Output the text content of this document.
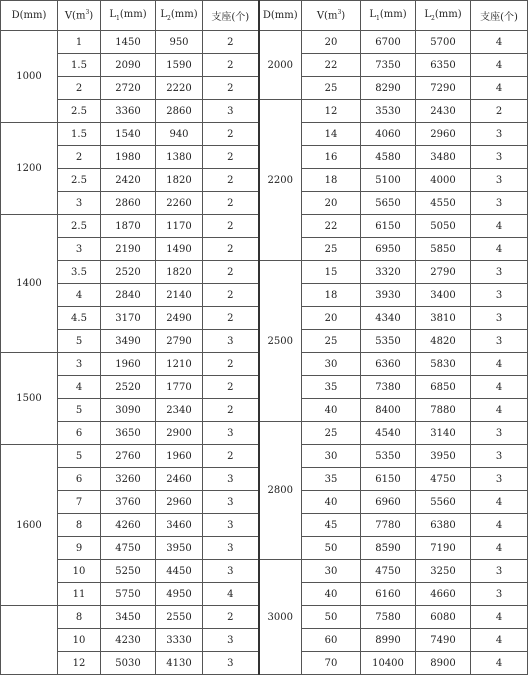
D(mm)	$V(m^3)$	$L_1(mm)$	$L_2(mm)$	支座(个)	D(mm)	$V(m^3)$	$L_1(mm)$	$L_2(mm)$	支座(个)
1000	1	1450	950	2	2000	20	6700	5700	4
	1.5	2090	1590	2		22	7350	6350	4
	2	2720	2220	2		25	8290	7290	4
	2.5	3360	2860	3	2200	12	3530	2430	2
1200	1.5	1540	940	2		14	4060	2960	3
	2	1980	1380	2		16	4580	3480	3
	2.5	2420	1820	2		18	5100	4000	3
	3	2860	2260	2		20	5650	4550	3
1400	2.5	1870	1170	2		22	6150	5050	4
	3	2190	1490	2		25	6950	5850	4
	3.5	2520	1820	2	2500	15	3320	2790	3
	4	2840	2140	2		18	3930	3400	3
	4.5	3170	2490	2		20	4340	3810	3
	5	3490	2790	3		25	5350	4820	3
1500	3	1960	1210	2		30	6360	5830	4
	4	2520	1770	2		35	7380	6850	4
	5	3090	2340	2		40	8400	7880	4
	6	3650	2900	3	2800	25	4540	3140	3
1600	5	2760	1960	2		30	5350	3950	3
	6	3260	2460	3		35	6150	4750	3
	7	3760	2960	3		40	6960	5560	4
	8	4260	3460	3		45	7780	6380	4
	9	4750	3950	3		50	8590	7190	4
	10	5250	4450	3	3000	30	4750	3250	3
	11	5750	4950	4		40	6160	4660	3
	8	3450	2550	2		50	7580	6080	4
	10	4230	3330	3		60	8990	7490	4
	12	5030	4130	3		70	10400	8900	4
